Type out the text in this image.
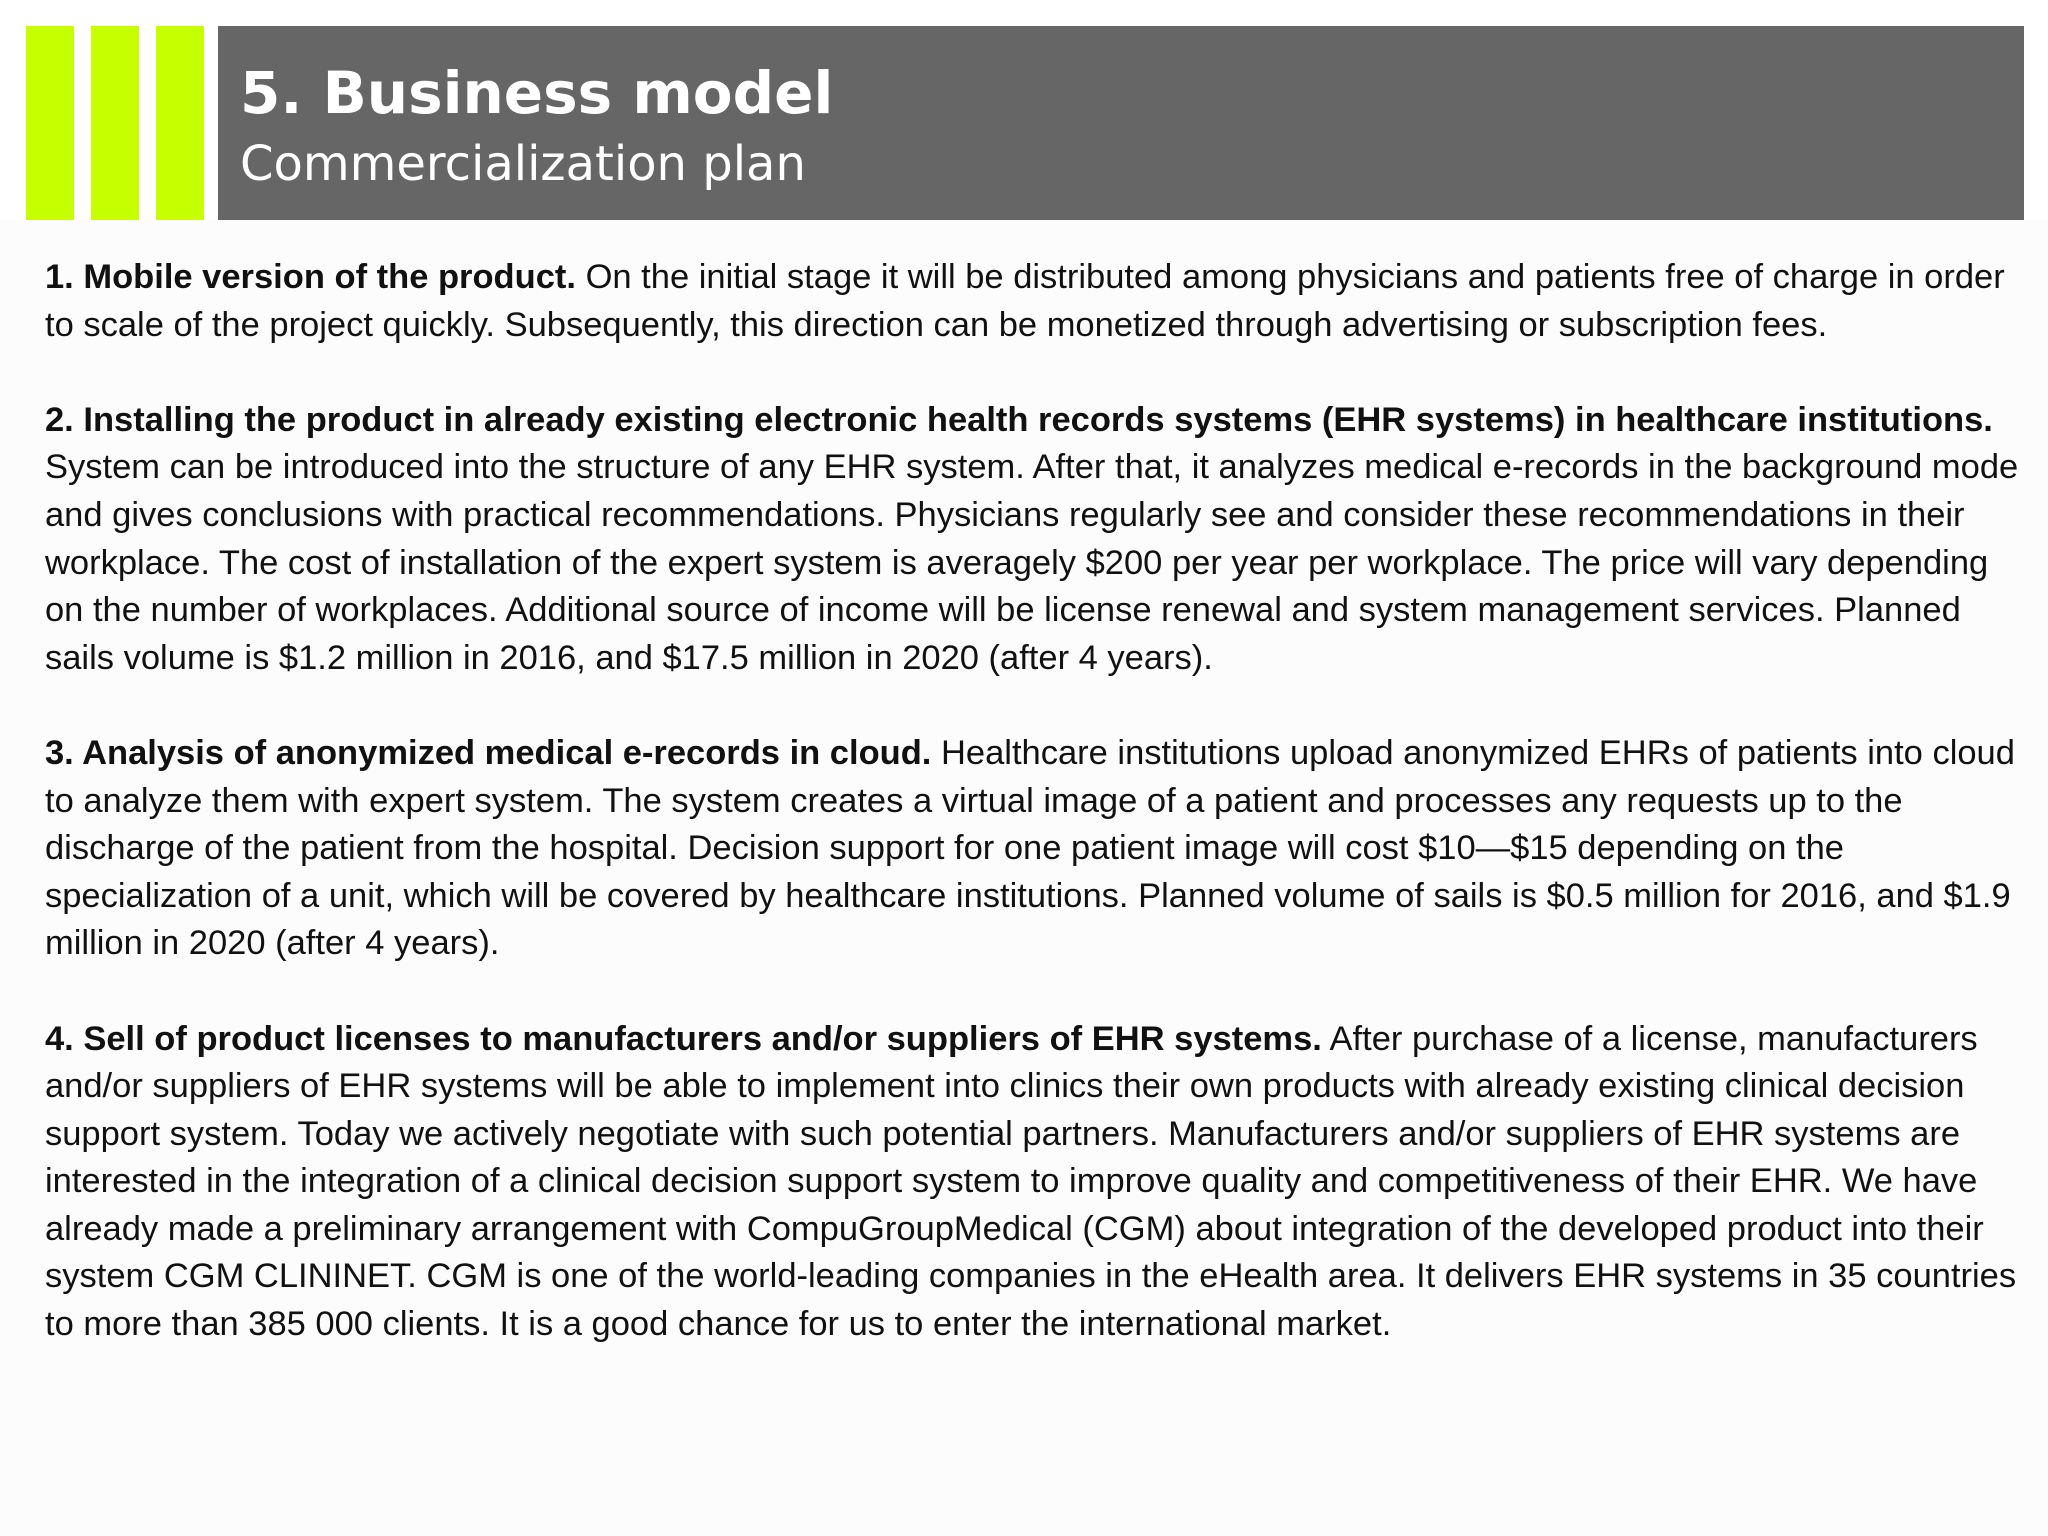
5. Business model
Commercialization plan

1. Mobile version of the product. On the initial stage it will be distributed among physicians and patients free of charge in order to scale of the project quickly. Subsequently, this direction can be monetized through advertising or subscription fees.

2. Installing the product in already existing electronic health records systems (EHR systems) in healthcare institutions. System can be introduced into the structure of any EHR system. After that, it analyzes medical e-records in the background mode and gives conclusions with practical recommendations. Physicians regularly see and consider these recommendations in their workplace. The cost of installation of the expert system is averagely $200 per year per workplace. The price will vary depending on the number of workplaces. Additional source of income will be license renewal and system management services. Planned sails volume is $1.2 million in 2016, and $17.5 million in 2020 (after 4 years).

3. Analysis of anonymized medical e-records in cloud. Healthcare institutions upload anonymized EHRs of patients into cloud to analyze them with expert system. The system creates a virtual image of a patient and processes any requests up to the discharge of the patient from the hospital. Decision support for one patient image will cost $10—$15 depending on the specialization of a unit, which will be covered by healthcare institutions. Planned volume of sails is $0.5 million for 2016, and $1.9 million in 2020 (after 4 years).

4. Sell of product licenses to manufacturers and/or suppliers of EHR systems. After purchase of a license, manufacturers and/or suppliers of EHR systems will be able to implement into clinics their own products with already existing clinical decision support system. Today we actively negotiate with such potential partners. Manufacturers and/or suppliers of EHR systems are interested in the integration of a clinical decision support system to improve quality and competitiveness of their EHR. We have already made a preliminary arrangement with CompuGroupMedical (CGM) about integration of the developed product into their system CGM CLININET. CGM is one of the world-leading companies in the eHealth area. It delivers EHR systems in 35 countries to more than 385 000 clients. It is a good chance for us to enter the international market.
